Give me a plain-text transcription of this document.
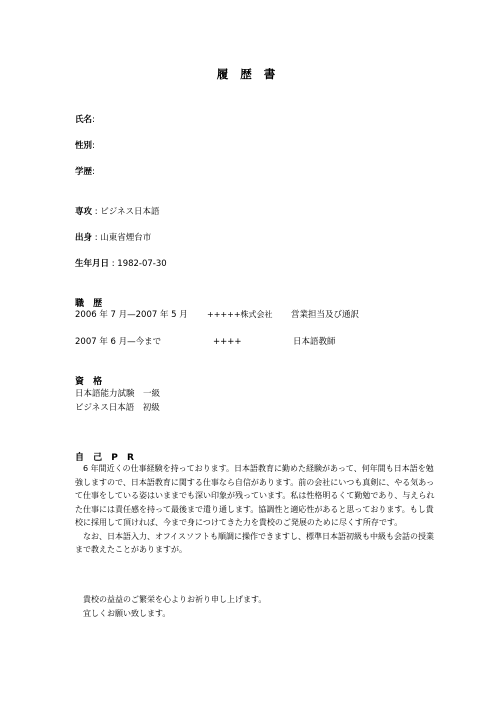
履 歴 書
氏名:
性別:
学歴:
専攻 : ビジネス日本語
出身 : 山東省煙台市
生年月日 : 1982-07-30
職 歴
2006 年 7 月—2007 年 5 月 +++++株式会社 営業担当及び通訳
2007 年 6 月—今まで	++++	日本語教師
資 格
日本語能力試験　一級
ビジネス日本語　初級
自 己 P R

6 年間近くの仕事経験を持っております。日本語教育に勤めた経験があって、何年間も日本語を勉強しますので、日本語教育に関する仕事なら自信があります。前の会社にいつも真剣に、やる気あって仕事をしている姿はいままでも深い印象が残っています。私は性格明るくて勤勉であり、与えられた仕事には責任感を持って最後まで遣り通します。協調性と適応性があると思っております。もし貴校に採用して頂ければ、今まで身につけてきた力を貴校のご発展のために尽くす所存です。

なお、日本語入力、オフイスソフトも順調に操作できますし、標準日本語初級も中級も会話の授業まで教えたことがありますが。

貴校の益益のご繁栄を心よりお祈り申し上げます。
宜しくお願い致します。
